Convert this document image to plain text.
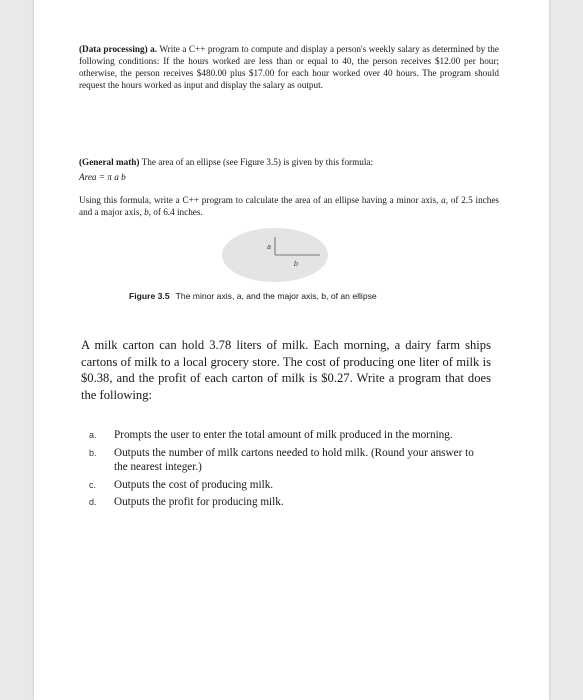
(Data processing) a. Write a C++ program to compute and display a person's weekly salary as determined by the following conditions: If the hours worked are less than or equal to 40, the person receives $12.00 per hour; otherwise, the person receives $480.00 plus $17.00 for each hour worked over 40 hours. The program should request the hours worked as input and display the salary as output.

(General math) The area of an ellipse (see Figure 3.5) is given by this formula:

Area = π a b

Using this formula, write a C++ program to calculate the area of an ellipse having a minor axis, a, of 2.5 inches and a major axis, b, of 6.4 inches.

a
b

Figure 3.5 The minor axis, a, and the major axis, b, of an ellipse

A milk carton can hold 3.78 liters of milk. Each morning, a dairy farm ships cartons of milk to a local grocery store. The cost of producing one liter of milk is $0.38, and the profit of each carton of milk is $0.27. Write a program that does the following:

a.	Prompts the user to enter the total amount of milk produced in the morning.
b.	Outputs the number of milk cartons needed to hold milk. (Round your answer to the nearest integer.)
c.	Outputs the cost of producing milk.
d.	Outputs the profit for producing milk.
